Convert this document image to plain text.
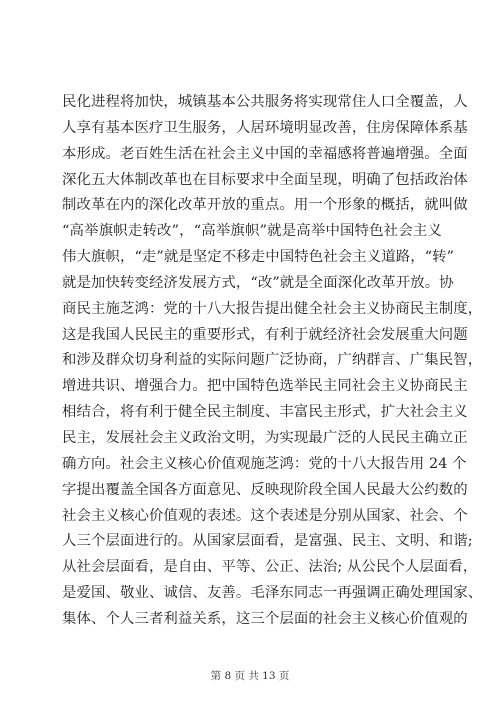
民化进程将加快，城镇基本公共服务将实现常住人口全覆盖，人
人享有基本医疗卫生服务，人居环境明显改善，住房保障体系基
本形成。老百姓生活在社会主义中国的幸福感将普遍增强。全面
深化五大体制改革也在目标要求中全面呈现，明确了包括政治体
制改革在内的深化改革开放的重点。用一个形象的概括，就叫做
“高举旗帜走转改”，“高举旗帜”就是高举中国特色社会主义
伟大旗帜，“走”就是坚定不移走中国特色社会主义道路，“转”
就是加快转变经济发展方式，“改”就是全面深化改革开放。协
商民主施芝鸿：党的十八大报告提出健全社会主义协商民主制度，
这是我国人民民主的重要形式，有利于就经济社会发展重大问题
和涉及群众切身利益的实际问题广泛协商，广纳群言、广集民智，
增进共识、增强合力。把中国特色选举民主同社会主义协商民主
相结合，将有利于健全民主制度、丰富民主形式，扩大社会主义
民主，发展社会主义政治文明，为实现最广泛的人民民主确立正
确方向。社会主义核心价值观施芝鸿：党的十八大报告用 24 个
字提出覆盖全国各方面意见、反映现阶段全国人民最大公约数的
社会主义核心价值观的表述。这个表述是分别从国家、社会、个
人三个层面进行的。从国家层面看，是富强、民主、文明、和谐;
从社会层面看，是自由、平等、公正、法治; 从公民个人层面看，
是爱国、敬业、诚信、友善。毛泽东同志一再强调正确处理国家、
集体、个人三者利益关系，这三个层面的社会主义核心价值观的
第 8 页 共 13 页
